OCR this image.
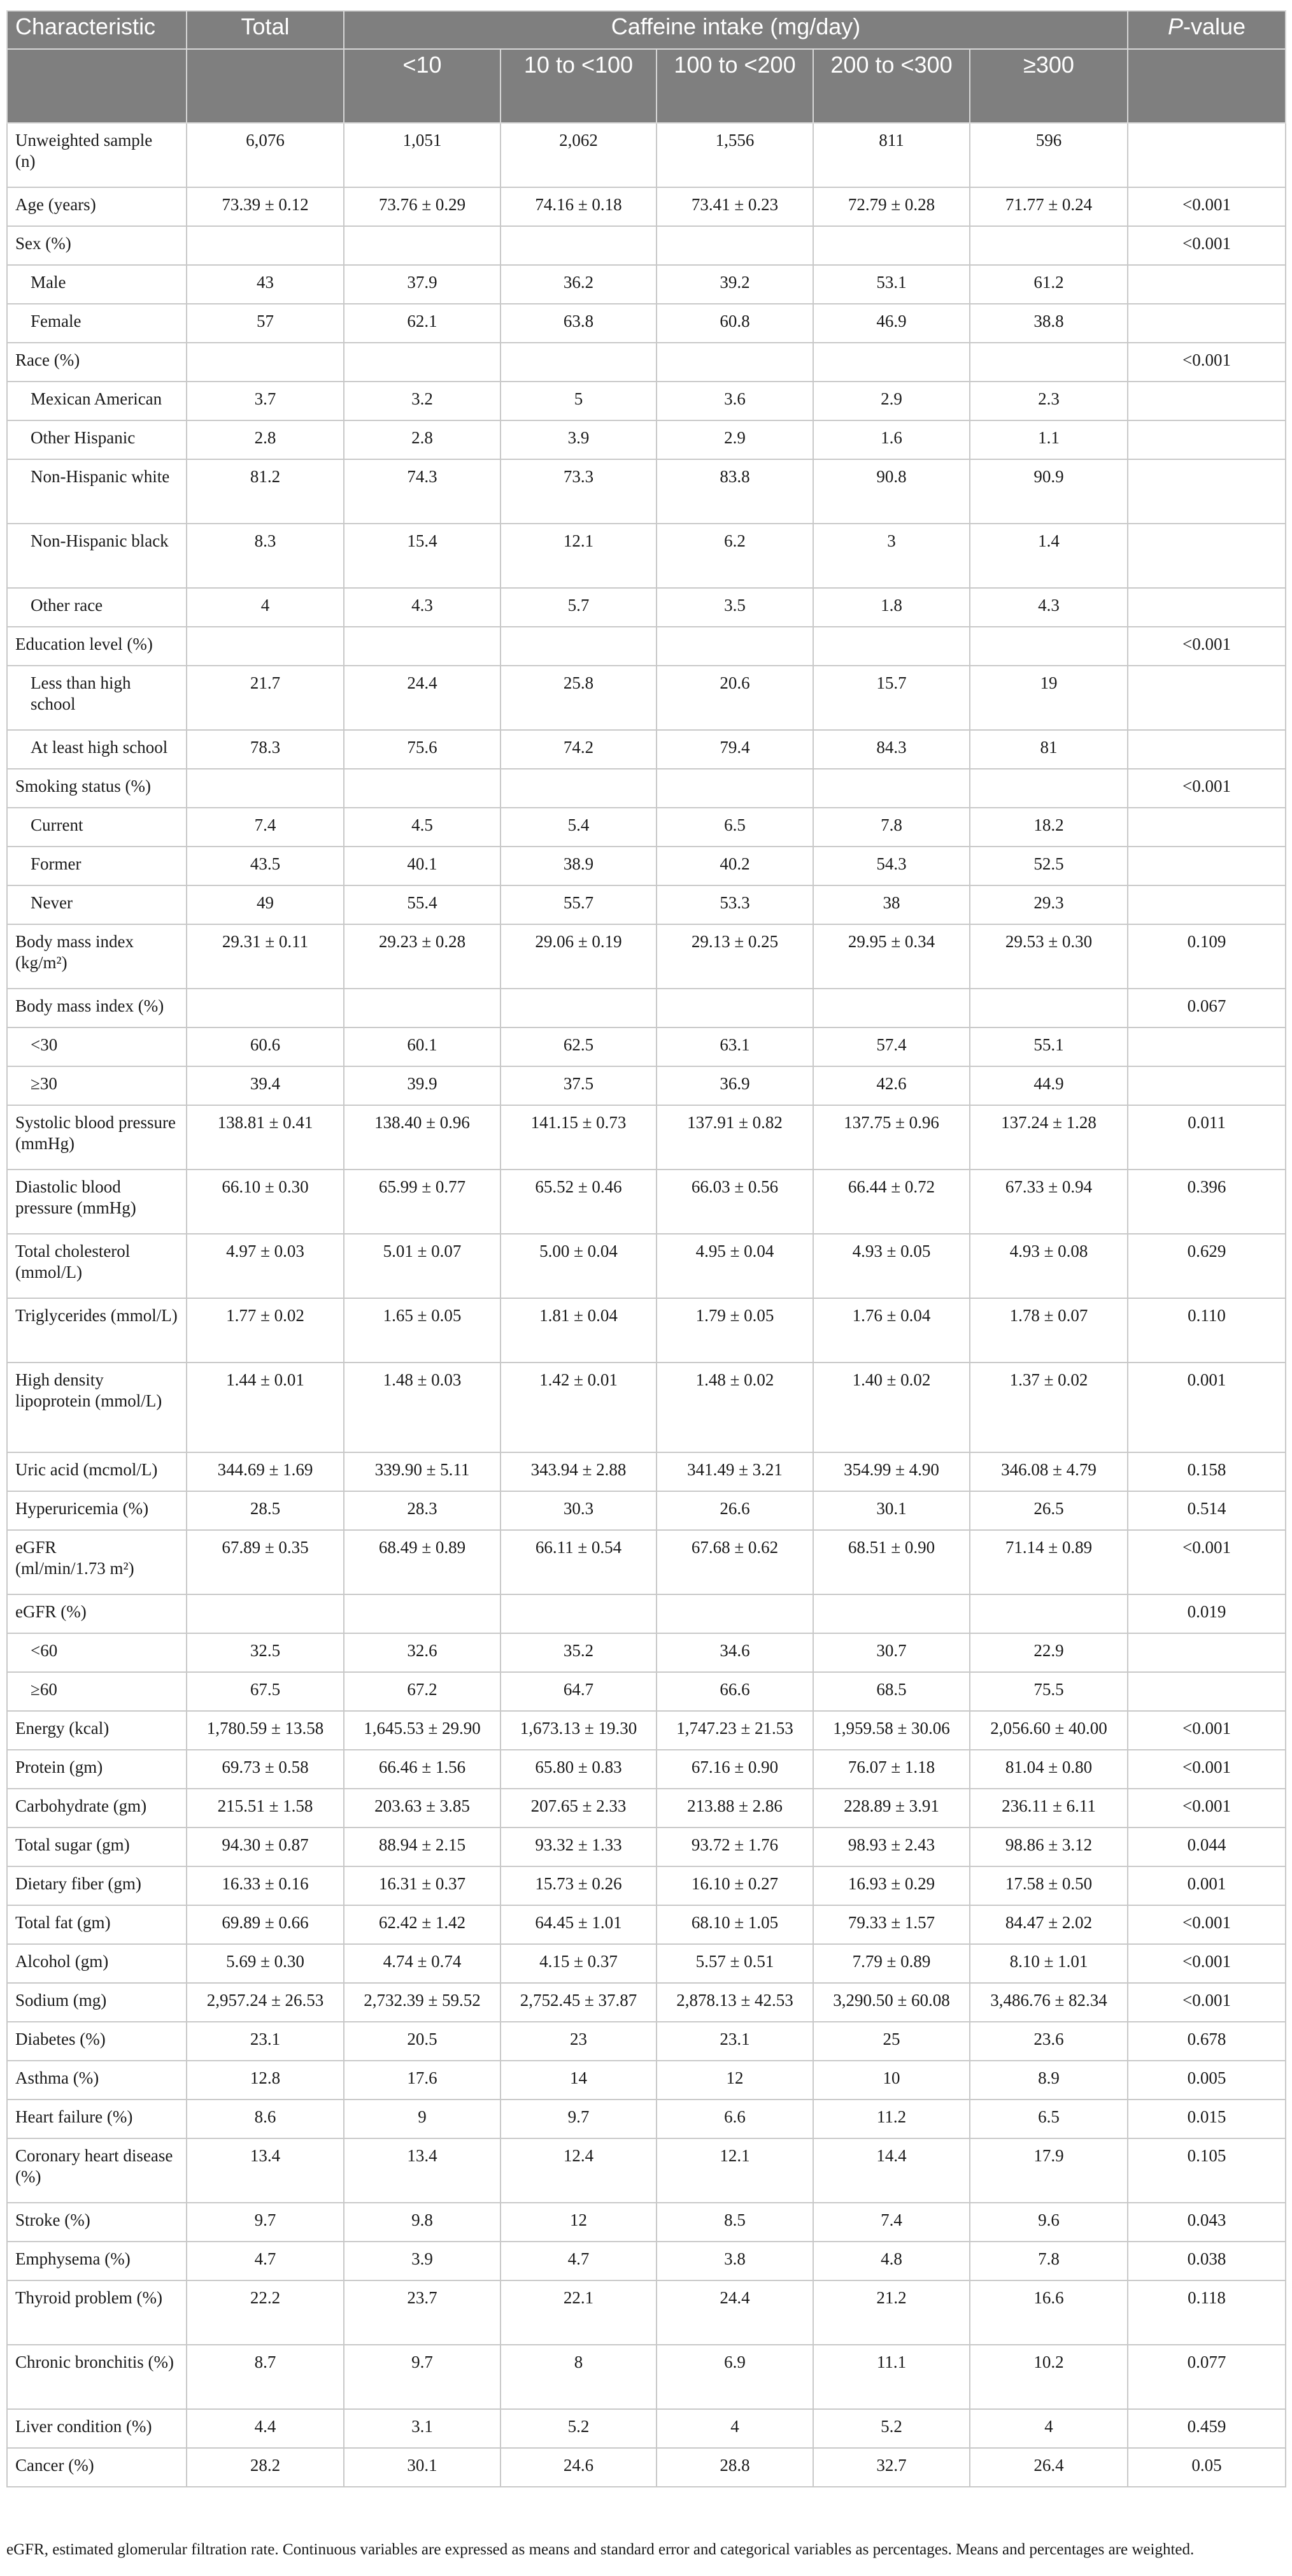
Characteristic	Total	Caffeine intake (mg/day)					P-value
		<10	10 to <100	100 to <200	200 to <300	≥300	
Unweighted sample
(n)	6,076	1,051	2,062	1,556	811	596	
Age (years)	73.39 ± 0.12	73.76 ± 0.29	74.16 ± 0.18	73.41 ± 0.23	72.79 ± 0.28	71.77 ± 0.24	<0.001
Sex (%)							<0.001
Male	43	37.9	36.2	39.2	53.1	61.2	
Female	57	62.1	63.8	60.8	46.9	38.8	
Race (%)							<0.001
Mexican American	3.7	3.2	5	3.6	2.9	2.3	
Other Hispanic	2.8	2.8	3.9	2.9	1.6	1.1	
Non-Hispanic white	81.2	74.3	73.3	83.8	90.8	90.9	
Non-Hispanic black	8.3	15.4	12.1	6.2	3	1.4	
Other race	4	4.3	5.7	3.5	1.8	4.3	
Education level (%)							<0.001
Less than high school	21.7	24.4	25.8	20.6	15.7	19	
At least high school	78.3	75.6	74.2	79.4	84.3	81	
Smoking status (%)							<0.001
Current	7.4	4.5	5.4	6.5	7.8	18.2	
Former	43.5	40.1	38.9	40.2	54.3	52.5	
Never	49	55.4	55.7	53.3	38	29.3	
Body mass index
(kg/m²)	29.31 ± 0.11	29.23 ± 0.28	29.06 ± 0.19	29.13 ± 0.25	29.95 ± 0.34	29.53 ± 0.30	0.109
Body mass index (%)							0.067
<30	60.6	60.1	62.5	63.1	57.4	55.1	
≥30	39.4	39.9	37.5	36.9	42.6	44.9	
Systolic blood pressure (mmHg)	138.81 ± 0.41	138.40 ± 0.96	141.15 ± 0.73	137.91 ± 0.82	137.75 ± 0.96	137.24 ± 1.28	0.011
Diastolic blood pressure (mmHg)	66.10 ± 0.30	65.99 ± 0.77	65.52 ± 0.46	66.03 ± 0.56	66.44 ± 0.72	67.33 ± 0.94	0.396
Total cholesterol (mmol/L)	4.97 ± 0.03	5.01 ± 0.07	5.00 ± 0.04	4.95 ± 0.04	4.93 ± 0.05	4.93 ± 0.08	0.629
Triglycerides (mmol/L)	1.77 ± 0.02	1.65 ± 0.05	1.81 ± 0.04	1.79 ± 0.05	1.76 ± 0.04	1.78 ± 0.07	0.110
High density lipoprotein (mmol/L)	1.44 ± 0.01	1.48 ± 0.03	1.42 ± 0.01	1.48 ± 0.02	1.40 ± 0.02	1.37 ± 0.02	0.001
Uric acid (mcmol/L)	344.69 ± 1.69	339.90 ± 5.11	343.94 ± 2.88	341.49 ± 3.21	354.99 ± 4.90	346.08 ± 4.79	0.158
Hyperuricemia (%)	28.5	28.3	30.3	26.6	30.1	26.5	0.514
eGFR
(ml/min/1.73 m²)	67.89 ± 0.35	68.49 ± 0.89	66.11 ± 0.54	67.68 ± 0.62	68.51 ± 0.90	71.14 ± 0.89	<0.001
eGFR (%)							0.019
<60	32.5	32.6	35.2	34.6	30.7	22.9	
≥60	67.5	67.2	64.7	66.6	68.5	75.5	
Energy (kcal)	1,780.59 ± 13.58	1,645.53 ± 29.90	1,673.13 ± 19.30	1,747.23 ± 21.53	1,959.58 ± 30.06	2,056.60 ± 40.00	<0.001
Protein (gm)	69.73 ± 0.58	66.46 ± 1.56	65.80 ± 0.83	67.16 ± 0.90	76.07 ± 1.18	81.04 ± 0.80	<0.001
Carbohydrate (gm)	215.51 ± 1.58	203.63 ± 3.85	207.65 ± 2.33	213.88 ± 2.86	228.89 ± 3.91	236.11 ± 6.11	<0.001
Total sugar (gm)	94.30 ± 0.87	88.94 ± 2.15	93.32 ± 1.33	93.72 ± 1.76	98.93 ± 2.43	98.86 ± 3.12	0.044
Dietary fiber (gm)	16.33 ± 0.16	16.31 ± 0.37	15.73 ± 0.26	16.10 ± 0.27	16.93 ± 0.29	17.58 ± 0.50	0.001
Total fat (gm)	69.89 ± 0.66	62.42 ± 1.42	64.45 ± 1.01	68.10 ± 1.05	79.33 ± 1.57	84.47 ± 2.02	<0.001
Alcohol (gm)	5.69 ± 0.30	4.74 ± 0.74	4.15 ± 0.37	5.57 ± 0.51	7.79 ± 0.89	8.10 ± 1.01	<0.001
Sodium (mg)	2,957.24 ± 26.53	2,732.39 ± 59.52	2,752.45 ± 37.87	2,878.13 ± 42.53	3,290.50 ± 60.08	3,486.76 ± 82.34	<0.001
Diabetes (%)	23.1	20.5	23	23.1	25	23.6	0.678
Asthma (%)	12.8	17.6	14	12	10	8.9	0.005
Heart failure (%)	8.6	9	9.7	6.6	11.2	6.5	0.015
Coronary heart disease (%)	13.4	13.4	12.4	12.1	14.4	17.9	0.105
Stroke (%)	9.7	9.8	12	8.5	7.4	9.6	0.043
Emphysema (%)	4.7	3.9	4.7	3.8	4.8	7.8	0.038
Thyroid problem (%)	22.2	23.7	22.1	24.4	21.2	16.6	0.118
Chronic bronchitis (%)	8.7	9.7	8	6.9	11.1	10.2	0.077
Liver condition (%)	4.4	3.1	5.2	4	5.2	4	0.459
Cancer (%)	28.2	30.1	24.6	28.8	32.7	26.4	0.05
eGFR, estimated glomerular filtration rate. Continuous variables are expressed as means and standard error and categorical variables as percentages. Means and percentages are weighted.
